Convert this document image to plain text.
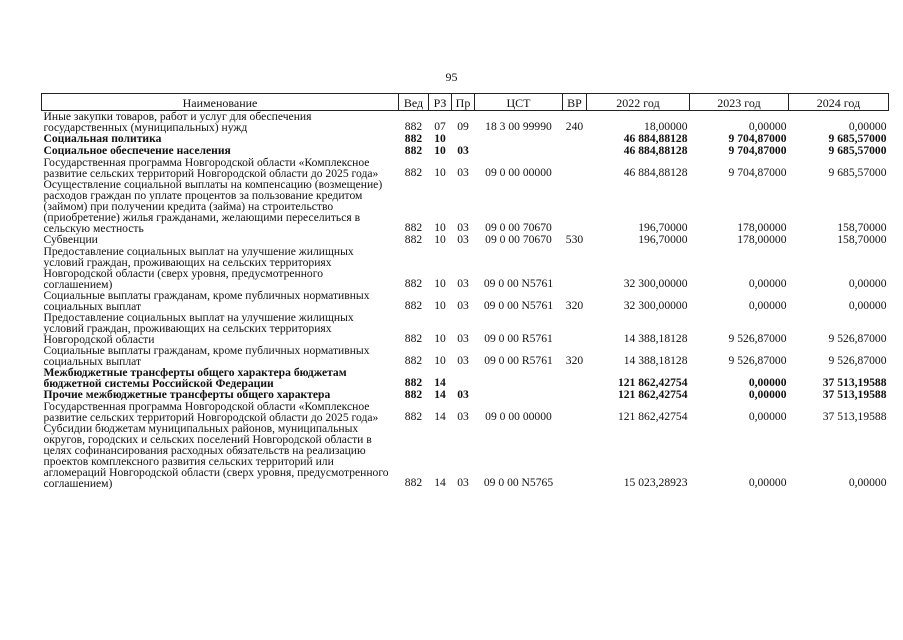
95
Наименование	Вед	РЗ	Пр	ЦСТ	ВР	2022 год	2023 год	2024 год
Иные закупки товаров, работ и услуг для обеспечения государственных (муниципальных) нужд	882	07	09	18 3 00 99990	240	18,00000	0,00000	0,00000
Социальная политика	882	10				46 884,88128	9 704,87000	9 685,57000
Социальное обеспечение населения	882	10	03			46 884,88128	9 704,87000	9 685,57000
Государственная программа Новгородской области «Комплексное развитие сельских территорий Новгородской области до 2025 года»	882	10	03	09 0 00 00000		46 884,88128	9 704,87000	9 685,57000
Осуществление социальной выплаты на компенсацию (возмещение) расходов граждан по уплате процентов за пользование кредитом (займом) при получении кредита (займа) на строительство (приобретение) жилья гражданами, желающими переселиться в сельскую местность	882	10	03	09 0 00 70670		196,70000	178,00000	158,70000
Субвенции	882	10	03	09 0 00 70670	530	196,70000	178,00000	158,70000
Предоставление социальных выплат на улучшение жилищных условий граждан, проживающих на сельских территориях Новгородской области (сверх уровня, предусмотренного соглашением)	882	10	03	09 0 00 N5761		32 300,00000	0,00000	0,00000
Социальные выплаты гражданам, кроме публичных нормативных социальных выплат	882	10	03	09 0 00 N5761	320	32 300,00000	0,00000	0,00000
Предоставление социальных выплат на улучшение жилищных условий граждан, проживающих на сельских территориях Новгородской области	882	10	03	09 0 00 R5761		14 388,18128	9 526,87000	9 526,87000
Социальные выплаты гражданам, кроме публичных нормативных социальных выплат	882	10	03	09 0 00 R5761	320	14 388,18128	9 526,87000	9 526,87000
Межбюджетные трансферты общего характера бюджетам бюджетной системы Российской Федерации	882	14				121 862,42754	0,00000	37 513,19588
Прочие межбюджетные трансферты общего характера	882	14	03			121 862,42754	0,00000	37 513,19588
Государственная программа Новгородской области «Комплексное развитие сельских территорий Новгородской области до 2025 года»	882	14	03	09 0 00 00000		121 862,42754	0,00000	37 513,19588
Субсидии бюджетам муниципальных районов, муниципальных округов, городских и сельских поселений Новгородской области в целях софинансирования расходных обязательств на реализацию проектов комплексного развития сельских территорий или агломераций Новгородской области (сверх уровня, предусмотренного соглашением)	882	14	03	09 0 00 N5765		15 023,28923	0,00000	0,00000
